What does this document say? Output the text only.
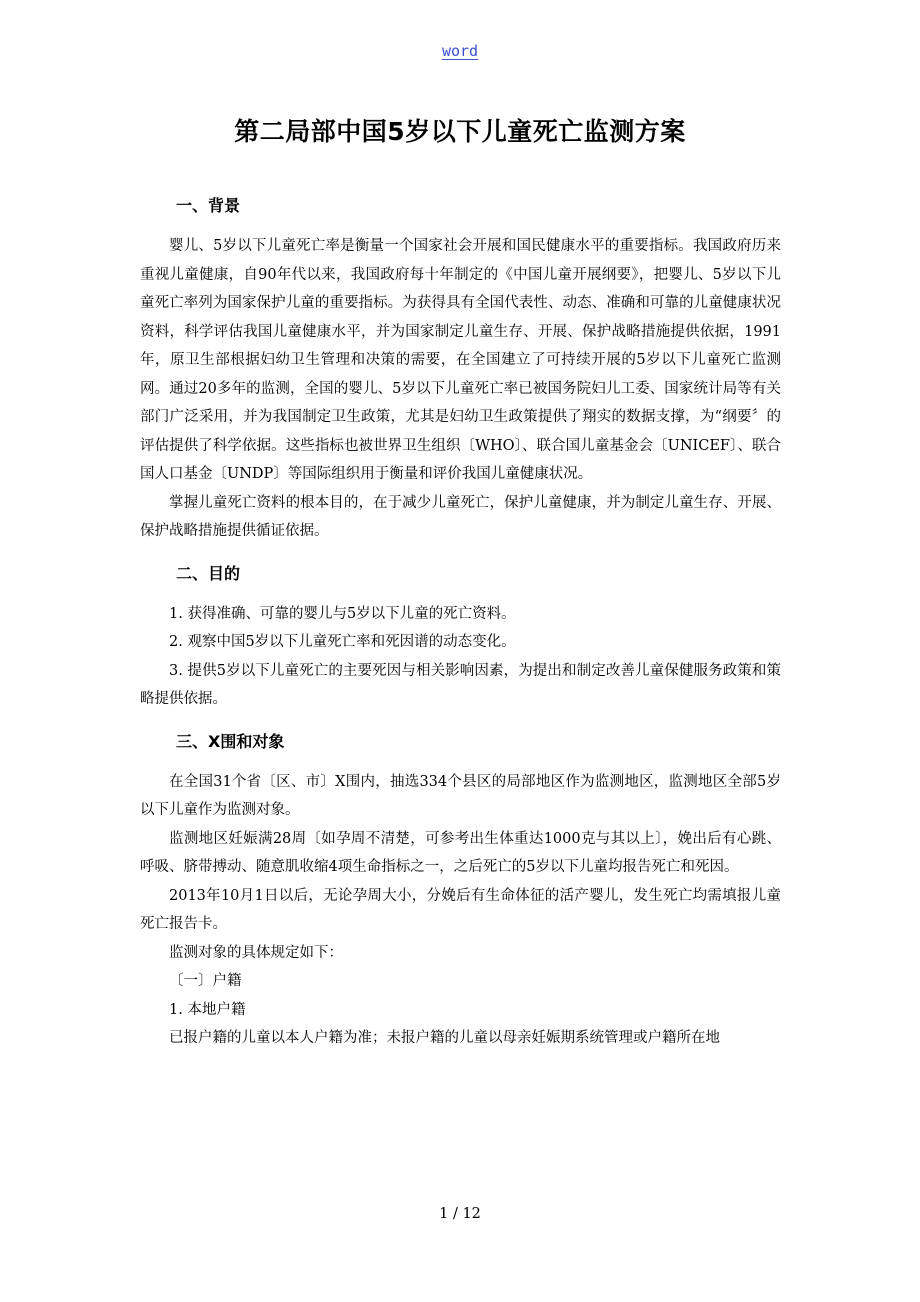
word
第二局部中国5岁以下儿童死亡监测方案
一、背景

婴儿、5岁以下儿童死亡率是衡量一个国家社会开展和国民健康水平的重要指标。我国政府历来重视儿童健康，自90年代以来，我国政府每十年制定的《中国儿童开展纲要》，把婴儿、5岁以下儿童死亡率列为国家保护儿童的重要指标。为获得具有全国代表性、动态、准确和可靠的儿童健康状况资料，科学评估我国儿童健康水平，并为国家制定儿童生存、开展、保护战略措施提供依据，1991年，原卫生部根据妇幼卫生管理和决策的需要，在全国建立了可持续开展的5岁以下儿童死亡监测网。通过20多年的监测，全国的婴儿、5岁以下儿童死亡率已被国务院妇儿工委、国家统计局等有关部门广泛采用，并为我国制定卫生政策，尤其是妇幼卫生政策提供了翔实的数据支撑，为“纲要〞的评估提供了科学依据。这些指标也被世界卫生组织〔WHO〕、联合国儿童基金会〔UNICEF〕、联合国人口基金〔UNDP〕等国际组织用于衡量和评价我国儿童健康状况。

掌握儿童死亡资料的根本目的，在于减少儿童死亡，保护儿童健康，并为制定儿童生存、开展、保护战略措施提供循证依据。

二、目的

1. 获得准确、可靠的婴儿与5岁以下儿童的死亡资料。

2. 观察中国5岁以下儿童死亡率和死因谱的动态变化。

3. 提供5岁以下儿童死亡的主要死因与相关影响因素，为提出和制定改善儿童保健服务政策和策略提供依据。

三、X围和对象

在全国31个省〔区、市〕X围内，抽选334个县区的局部地区作为监测地区，监测地区全部5岁以下儿童作为监测对象。

监测地区妊娠满28周〔如孕周不清楚，可参考出生体重达1000克与其以上〕，娩出后有心跳、呼吸、脐带搏动、随意肌收缩4项生命指标之一，之后死亡的5岁以下儿童均报告死亡和死因。

2013年10月1日以后，无论孕周大小，分娩后有生命体征的活产婴儿，发生死亡均需填报儿童死亡报告卡。

监测对象的具体规定如下：

〔一〕户籍

1. 本地户籍

已报户籍的儿童以本人户籍为准；未报户籍的儿童以母亲妊娠期系统管理或户籍所在地

1 / 12
